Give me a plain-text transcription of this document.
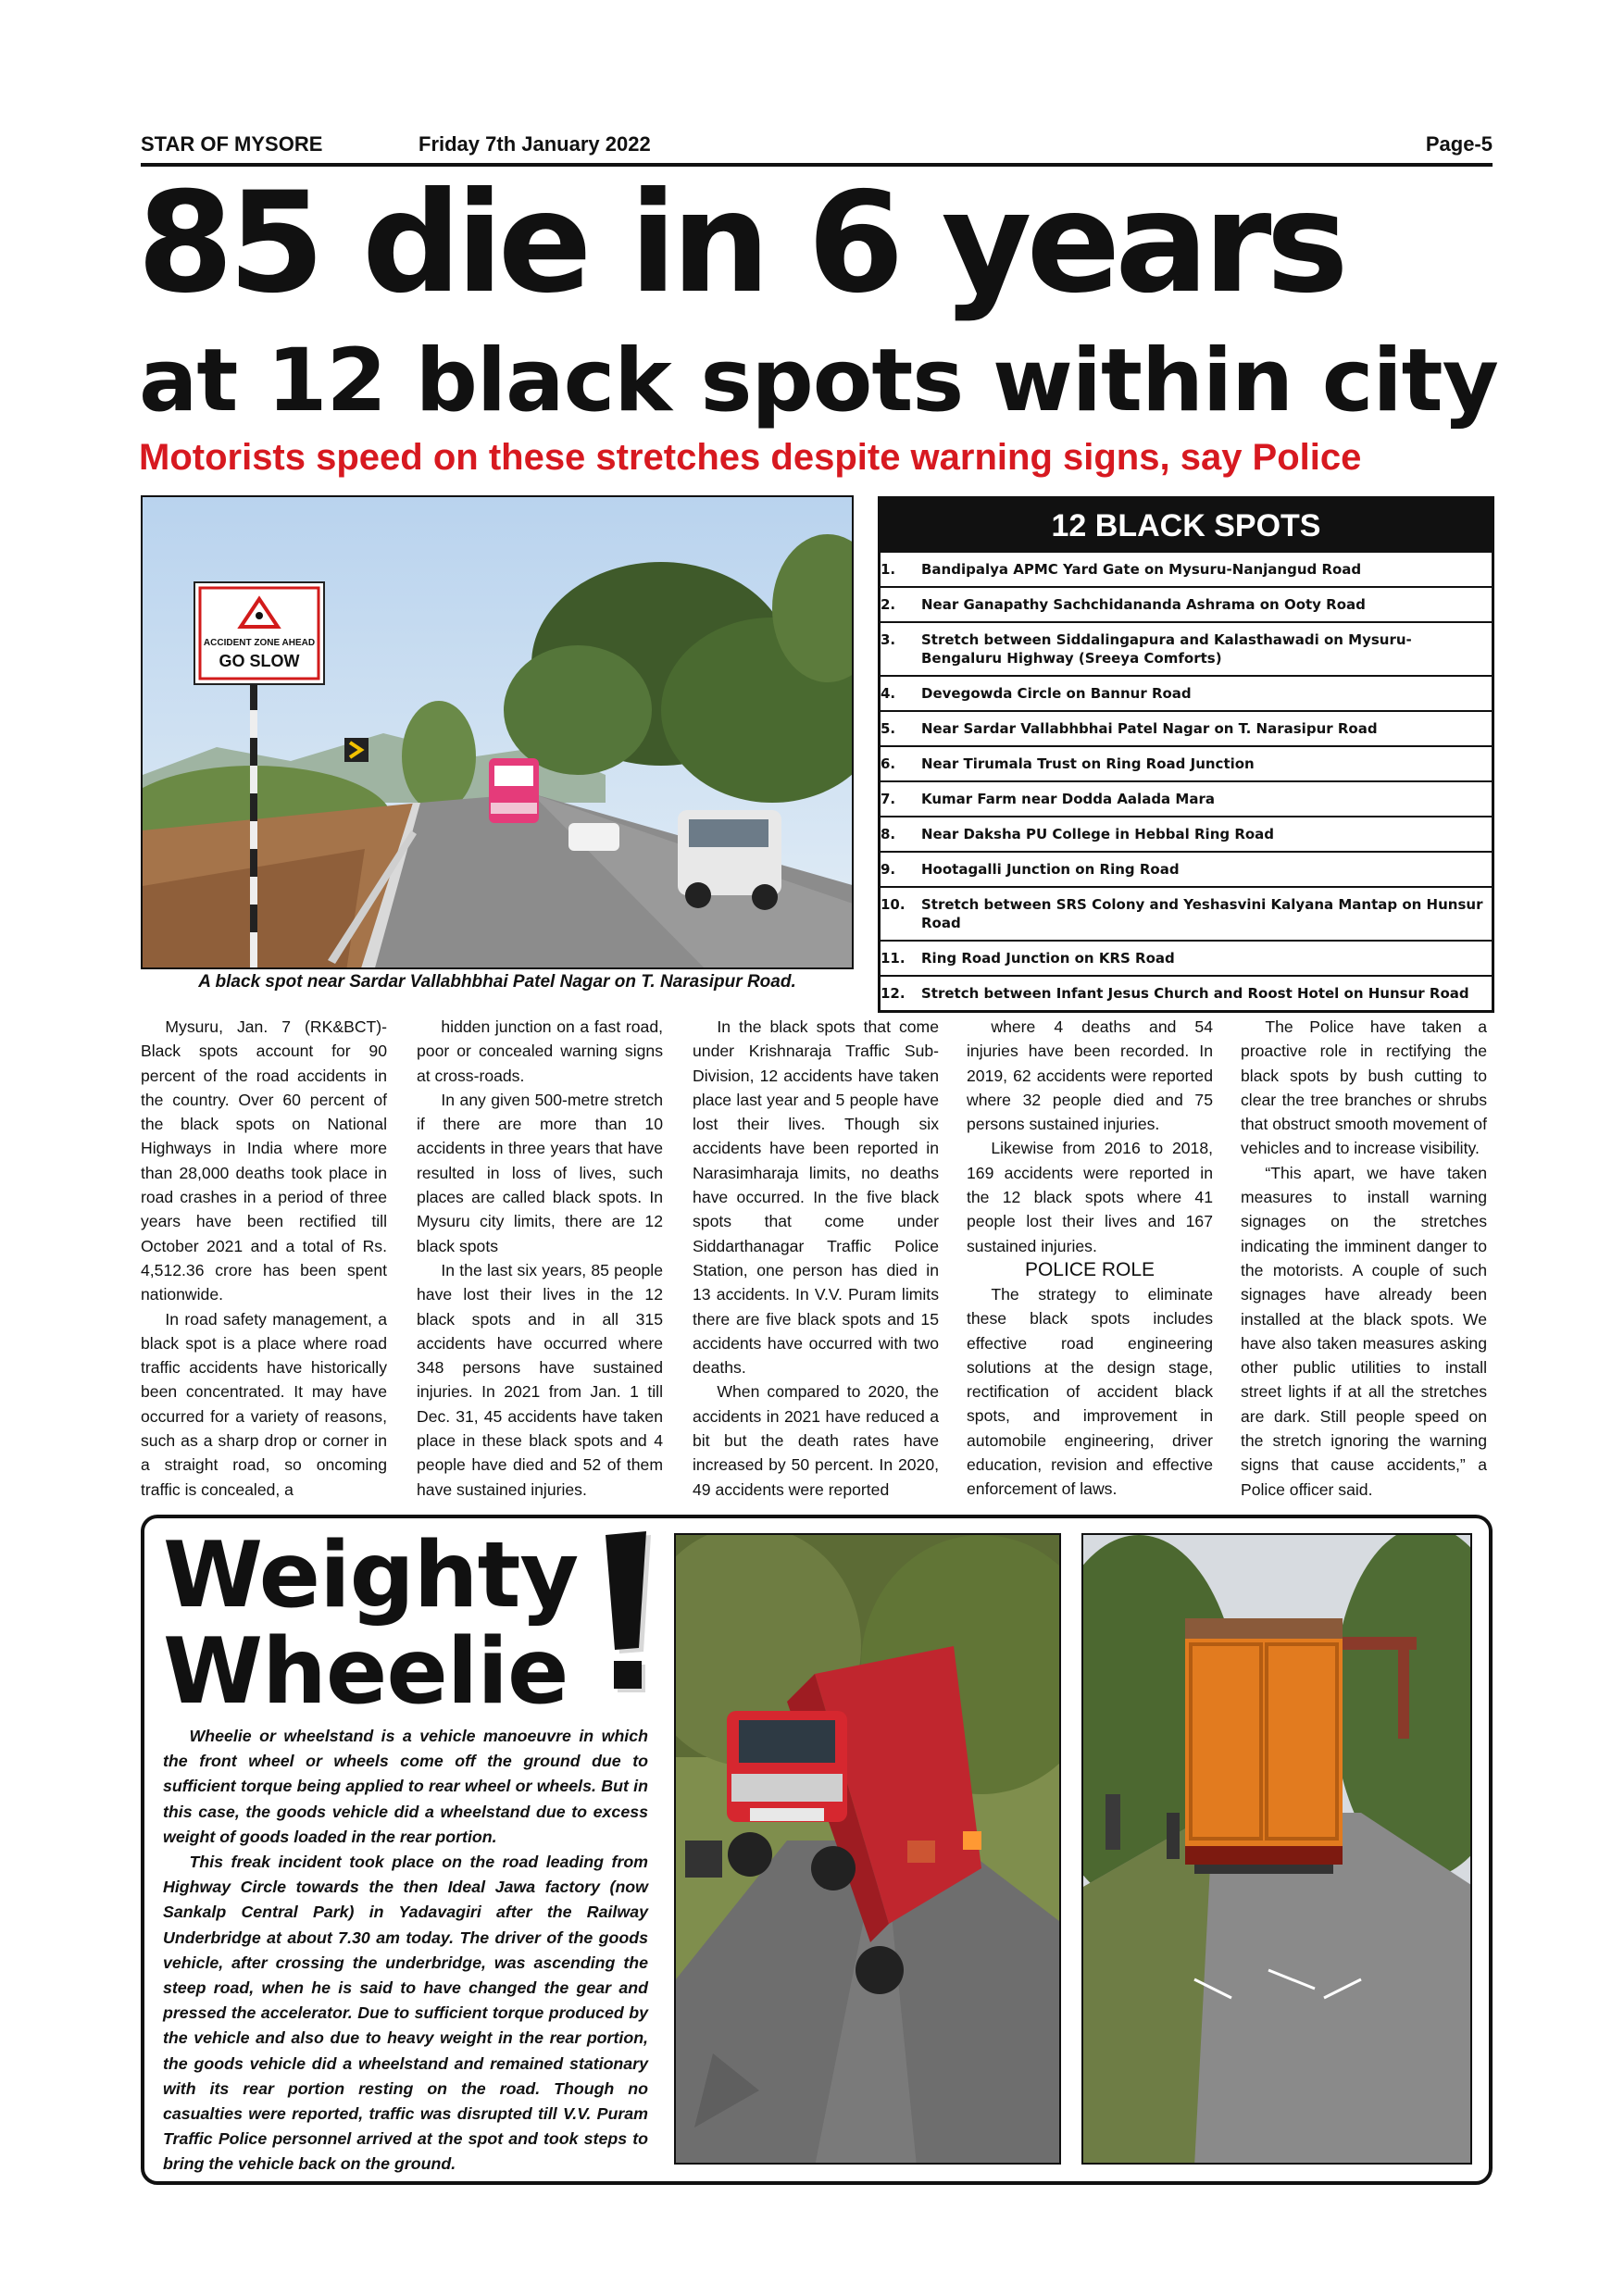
STAR OF MYSORE	Friday 7th January 2022	Page-5
85 die in 6 years
at 12 black spots within city
Motorists speed on these stretches despite warning signs, say Police
ACCIDENT ZONE AHEAD
GO SLOW
A black spot near Sardar Vallabhbhai Patel Nagar on T. Narasipur Road.
12 BLACK SPOTS
1.	Bandipalya APMC Yard Gate on Mysuru-Nanjangud Road
2.	Near Ganapathy Sachchidananda Ashrama on Ooty Road
3.	Stretch between Siddalingapura and Kalasthawadi on Mysuru-Bengaluru Highway (Sreeya Comforts)
4.	Devegowda Circle on Bannur Road
5.	Near Sardar Vallabhbhai Patel Nagar on T. Narasipur Road
6.	Near Tirumala Trust on Ring Road Junction
7.	Kumar Farm near Dodda Aalada Mara
8.	Near Daksha PU College in Hebbal Ring Road
9.	Hootagalli Junction on Ring Road
10.	Stretch between SRS Colony and Yeshasvini Kalyana Mantap on Hunsur Road
11.	Ring Road Junction on KRS Road
12.	Stretch between Infant Jesus Church and Roost Hotel on Hunsur Road

Mysuru, Jan. 7 (RK&BCT)- Black spots account for 90 percent of the road accidents in the country. Over 60 percent of the black spots on National Highways in India where more than 28,000 deaths took place in road crashes in a period of three years have been rectified till October 2021 and a total of Rs. 4,512.36 crore has been spent nationwide.

In road safety management, a black spot is a place where road traffic accidents have historically been concentrated. It may have occurred for a variety of reasons, such as a sharp drop or corner in a straight road, so oncoming traffic is concealed, a

hidden junction on a fast road, poor or concealed warning signs at cross-roads.

In any given 500-metre stretch if there are more than 10 accidents in three years that have resulted in loss of lives, such places are called black spots. In Mysuru city limits, there are 12 black spots

In the last six years, 85 people have lost their lives in the 12 black spots and in all 315 accidents have occurred where 348 persons have sustained injuries. In 2021 from Jan. 1 till Dec. 31, 45 accidents have taken place in these black spots and 4 people have died and 52 of them have sustained injuries.

In the black spots that come under Krishnaraja Traffic Sub-Division, 12 accidents have taken place last year and 5 people have lost their lives. Though six accidents have been reported in Narasimharaja limits, no deaths have occurred. In the five black spots that come under Siddarthanagar Traffic Police Station, one person has died in 13 accidents. In V.V. Puram limits there are five black spots and 15 accidents have occurred with two deaths.

When compared to 2020, the accidents in 2021 have reduced a bit but the death rates have increased by 50 percent. In 2020, 49 accidents were reported

where 4 deaths and 54 injuries have been recorded. In 2019, 62 accidents were reported where 32 people died and 75 persons sustained injuries.

Likewise from 2016 to 2018, 169 accidents were reported in the 12 black spots where 41 people lost their lives and 167 sustained injuries.

POLICE ROLE

The strategy to eliminate these black spots includes effective road engineering solutions at the design stage, rectification of accident black spots, and improvement in automobile engineering, driver education, revision and effective enforcement of laws.

The Police have taken a proactive role in rectifying the black spots by bush cutting to clear the tree branches or shrubs that obstruct smooth movement of vehicles and to increase visibility.

“This apart, we have taken measures to install warning signages on the stretches indicating the imminent danger to the motorists. A couple of such signages have already been installed at the black spots. We have also taken measures asking other public utilities to install street lights if at all the stretches are dark. Still people speed on the stretch ignoring the warning signs that cause accidents,” a Police officer said.

Weighty
Wheelie
!

Wheelie or wheelstand is a vehicle manoeuvre in which the front wheel or wheels come off the ground due to sufficient torque being applied to rear wheel or wheels. But in this case, the goods vehicle did a wheelstand due to excess weight of goods loaded in the rear portion.

This freak incident took place on the road leading from Highway Circle towards the then Ideal Jawa factory (now Sankalp Central Park) in Yadavagiri after the Railway Underbridge at about 7.30 am today. The driver of the goods vehicle, after crossing the underbridge, was ascending the steep road, when he is said to have changed the gear and pressed the accelerator. Due to sufficient torque produced by the vehicle and also due to heavy weight in the rear portion, the goods vehicle did a wheelstand and remained stationary with its rear portion resting on the road. Though no casualties were reported, traffic was disrupted till V.V. Puram Traffic Police personnel arrived at the spot and took steps to bring the vehicle back on the ground.
